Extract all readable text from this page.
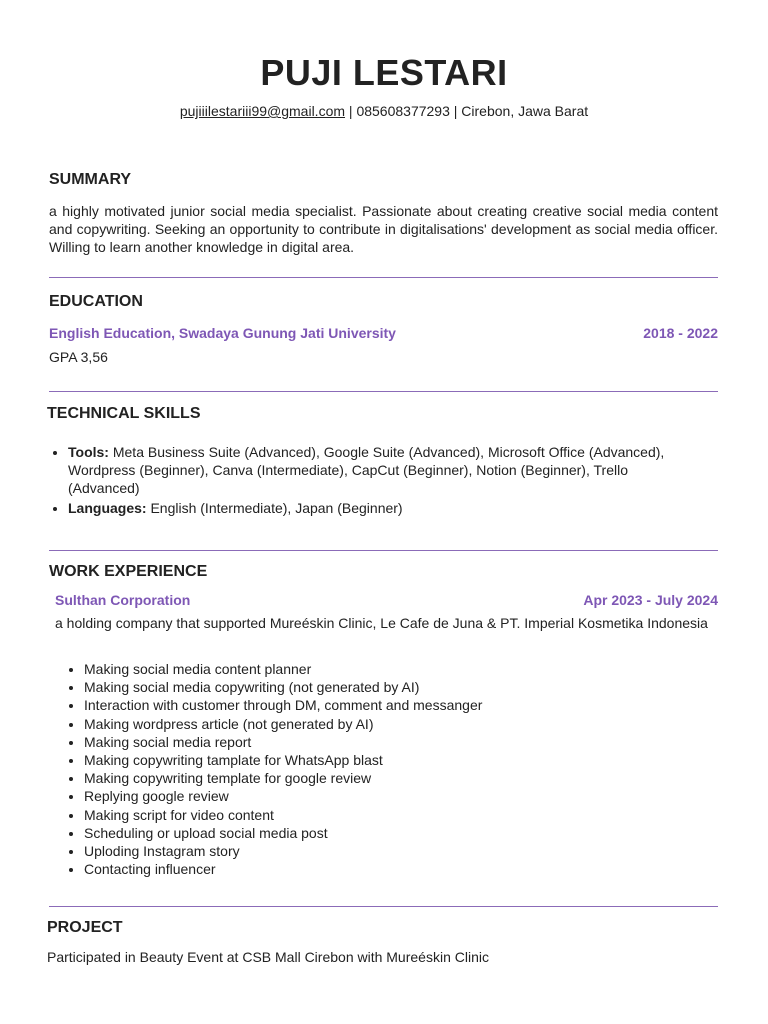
PUJI LESTARI
pujiiilestariii99@gmail.com | 085608377293 | Cirebon, Jawa Barat
SUMMARY
a highly motivated junior social media specialist. Passionate about creating creative social media content and copywriting. Seeking an opportunity to contribute in digitalisations' development as social media officer. Willing to learn another knowledge in digital area.
EDUCATION
English Education, Swadaya Gunung Jati University	2018 - 2022
GPA 3,56
TECHNICAL SKILLS
• Tools: Meta Business Suite (Advanced), Google Suite (Advanced), Microsoft Office (Advanced), Wordpress (Beginner), Canva (Intermediate), CapCut (Beginner), Notion (Beginner), Trello (Advanced)
• Languages: English (Intermediate), Japan (Beginner)
WORK EXPERIENCE
Sulthan Corporation	Apr 2023 - July 2024
a holding company that supported Mureéskin Clinic, Le Cafe de Juna & PT. Imperial Kosmetika Indonesia
• Making social media content planner
• Making social media copywriting (not generated by AI)
• Interaction with customer through DM, comment and messanger
• Making wordpress article (not generated by AI)
• Making social media report
• Making copywriting tamplate for WhatsApp blast
• Making copywriting template for google review
• Replying google review
• Making script for video content
• Scheduling or upload social media post
• Uploding Instagram story
• Contacting influencer
PROJECT
Participated in Beauty Event at CSB Mall Cirebon with Mureéskin Clinic
